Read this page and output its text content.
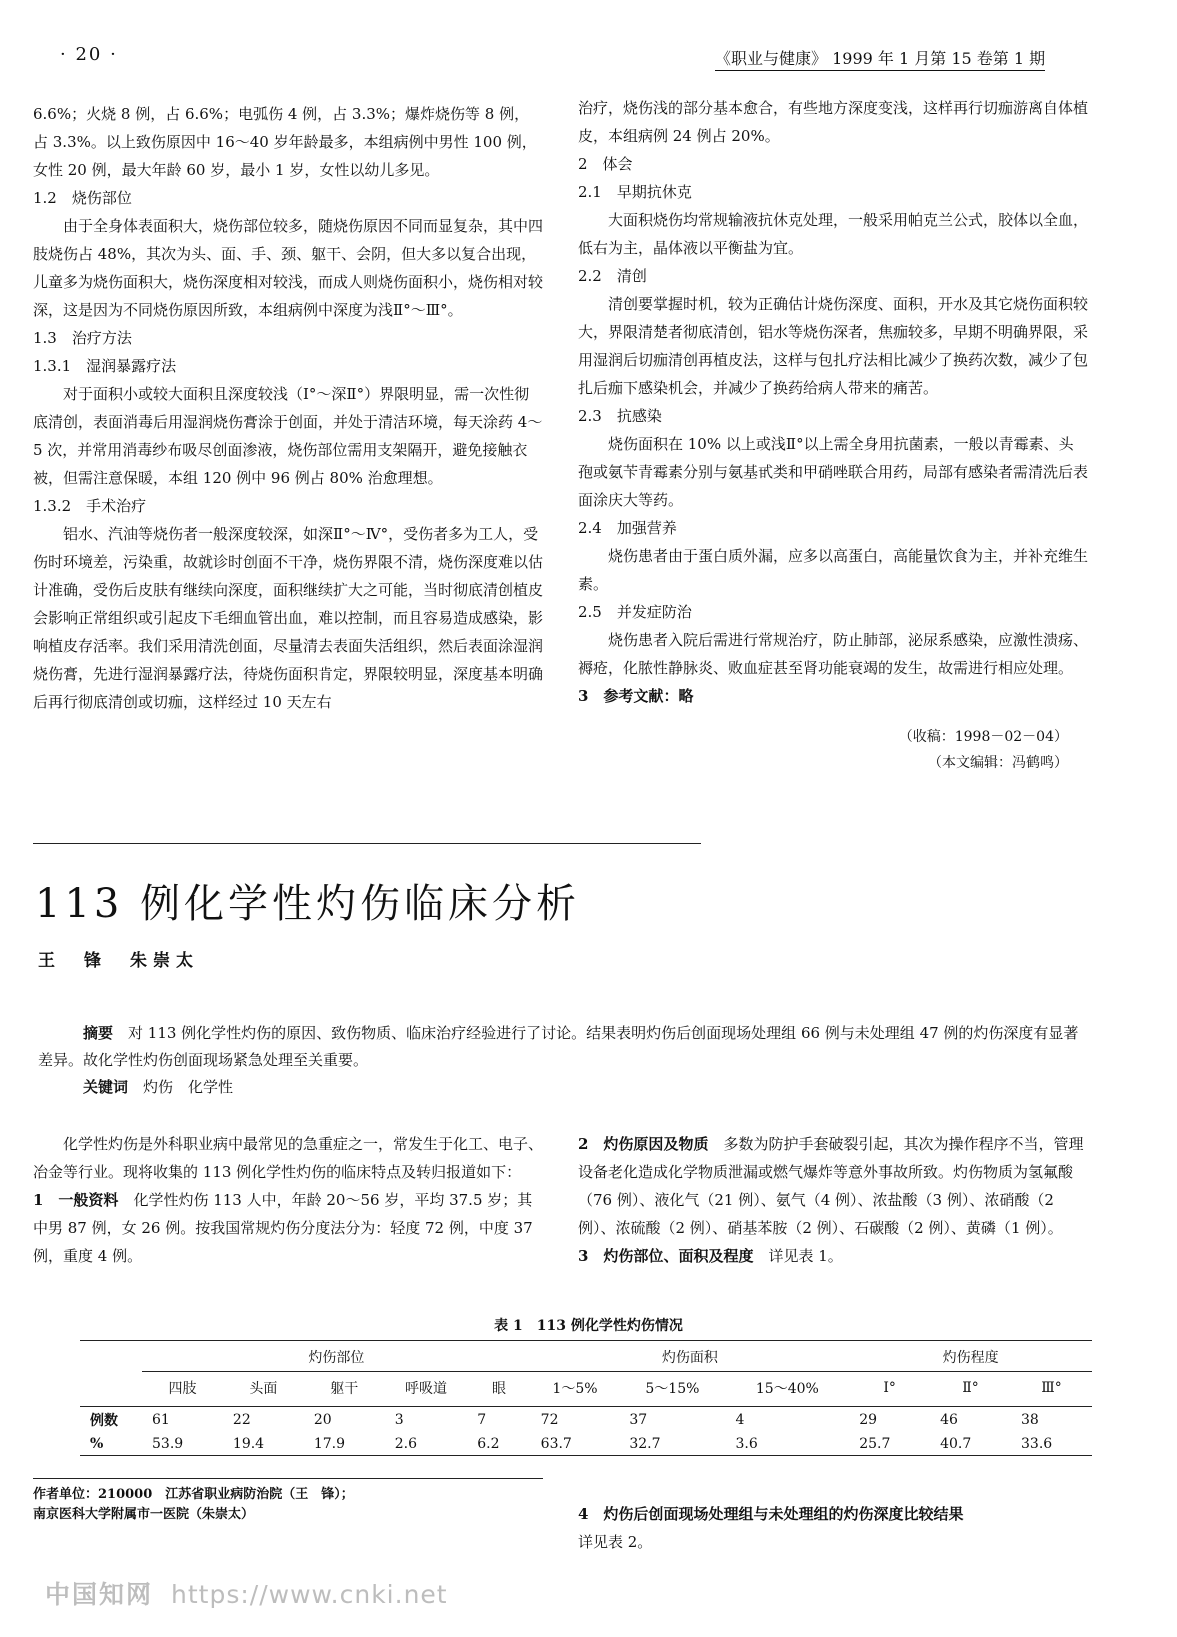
· 20 ·	《职业与健康》 1999 年 1 月第 15 卷第 1 期

6.6%；火烧 8 例，占 6.6%；电弧伤 4 例，占 3.3%；爆炸烧伤等 8 例，占 3.3%。以上致伤原因中 16～40 岁年龄最多，本组病例中男性 100 例，女性 20 例，最大年龄 60 岁，最小 1 岁，女性以幼儿多见。

1.2　烧伤部位

由于全身体表面积大，烧伤部位较多，随烧伤原因不同而显复杂，其中四肢烧伤占 48%，其次为头、面、手、颈、躯干、会阴，但大多以复合出现，儿童多为烧伤面积大，烧伤深度相对较浅，而成人则烧伤面积小，烧伤相对较深，这是因为不同烧伤原因所致，本组病例中深度为浅Ⅱ°～Ⅲ°。

1.3　治疗方法

1.3.1　湿润暴露疗法

对于面积小或较大面积且深度较浅（Ⅰ°～深Ⅱ°）界限明显，需一次性彻底清创，表面消毒后用湿润烧伤膏涂于创面，并处于清洁环境，每天涂药 4～5 次，并常用消毒纱布吸尽创面渗液，烧伤部位需用支架隔开，避免接触衣被，但需注意保暖，本组 120 例中 96 例占 80% 治愈理想。

1.3.2　手术治疗

铝水、汽油等烧伤者一般深度较深，如深Ⅱ°～Ⅳ°，受伤者多为工人，受伤时环境差，污染重，故就诊时创面不干净，烧伤界限不清，烧伤深度难以估计准确，受伤后皮肤有继续向深度，面积继续扩大之可能，当时彻底清创植皮会影响正常组织或引起皮下毛细血管出血，难以控制，而且容易造成感染，影响植皮存活率。我们采用清洗创面，尽量清去表面失活组织，然后表面涂湿润烧伤膏，先进行湿润暴露疗法，待烧伤面积肯定，界限较明显，深度基本明确后再行彻底清创或切痂，这样经过 10 天左右

治疗，烧伤浅的部分基本愈合，有些地方深度变浅，这样再行切痂游离自体植皮，本组病例 24 例占 20%。

2　体会

2.1　早期抗休克

大面积烧伤均常规输液抗休克处理，一般采用帕克兰公式，胶体以全血，低右为主，晶体液以平衡盐为宜。

2.2　清创

清创要掌握时机，较为正确估计烧伤深度、面积，开水及其它烧伤面积较大，界限清楚者彻底清创，铝水等烧伤深者，焦痂较多，早期不明确界限，采用湿润后切痂清创再植皮法，这样与包扎疗法相比减少了换药次数，减少了包扎后痂下感染机会，并减少了换药给病人带来的痛苦。

2.3　抗感染

烧伤面积在 10% 以上或浅Ⅱ°以上需全身用抗菌素，一般以青霉素、头孢或氨苄青霉素分别与氨基甙类和甲硝唑联合用药，局部有感染者需清洗后表面涂庆大等药。

2.4　加强营养

烧伤患者由于蛋白质外漏，应多以高蛋白，高能量饮食为主，并补充维生素。

2.5　并发症防治

烧伤患者入院后需进行常规治疗，防止肺部，泌尿系感染，应激性溃疡、褥疮，化脓性静脉炎、败血症甚至肾功能衰竭的发生，故需进行相应处理。

3　参考文献：略

（收稿：1998－02－04）
（本文编辑：冯鹤鸣）
113 例化学性灼伤临床分析
王　锋　朱崇太

摘要　对 113 例化学性灼伤的原因、致伤物质、临床治疗经验进行了讨论。结果表明灼伤后创面现场处理组 66 例与未处理组 47 例的灼伤深度有显著差异。故化学性灼伤创面现场紧急处理至关重要。

关键词　灼伤　化学性

化学性灼伤是外科职业病中最常见的急重症之一，常发生于化工、电子、冶金等行业。现将收集的 113 例化学性灼伤的临床特点及转归报道如下：

1　一般资料　化学性灼伤 113 人中，年龄 20～56 岁，平均 37.5 岁；其中男 87 例，女 26 例。按我国常规灼伤分度法分为：轻度 72 例，中度 37 例，重度 4 例。

2　灼伤原因及物质　多数为防护手套破裂引起，其次为操作程序不当，管理设备老化造成化学物质泄漏或燃气爆炸等意外事故所致。灼伤物质为氢氟酸（76 例）、液化气（21 例）、氨气（4 例）、浓盐酸（3 例）、浓硝酸（2 例）、浓硫酸（2 例）、硝基苯胺（2 例）、石碳酸（2 例）、黄磷（1 例）。

3　灼伤部位、面积及程度　详见表 1。

表 1　113 例化学性灼伤情况
	灼伤部位					灼伤面积			灼伤程度		
	四肢	头面	躯干	呼吸道	眼	1～5%	5～15%	15～40%	Ⅰ°	Ⅱ°	Ⅲ°
例数	61	22	20	3	7	72	37	4	29	46	38
%	53.9	19.4	17.9	2.6	6.2	63.7	32.7	3.6	25.7	40.7	33.6

作者单位：210000　江苏省职业病防治院（王　锋）；

南京医科大学附属市一医院（朱崇太）	4　灼伤后创面现场处理组与未处理组的灼伤深度比较结果

详见表 2。

中国知网 https://www.cnki.net
